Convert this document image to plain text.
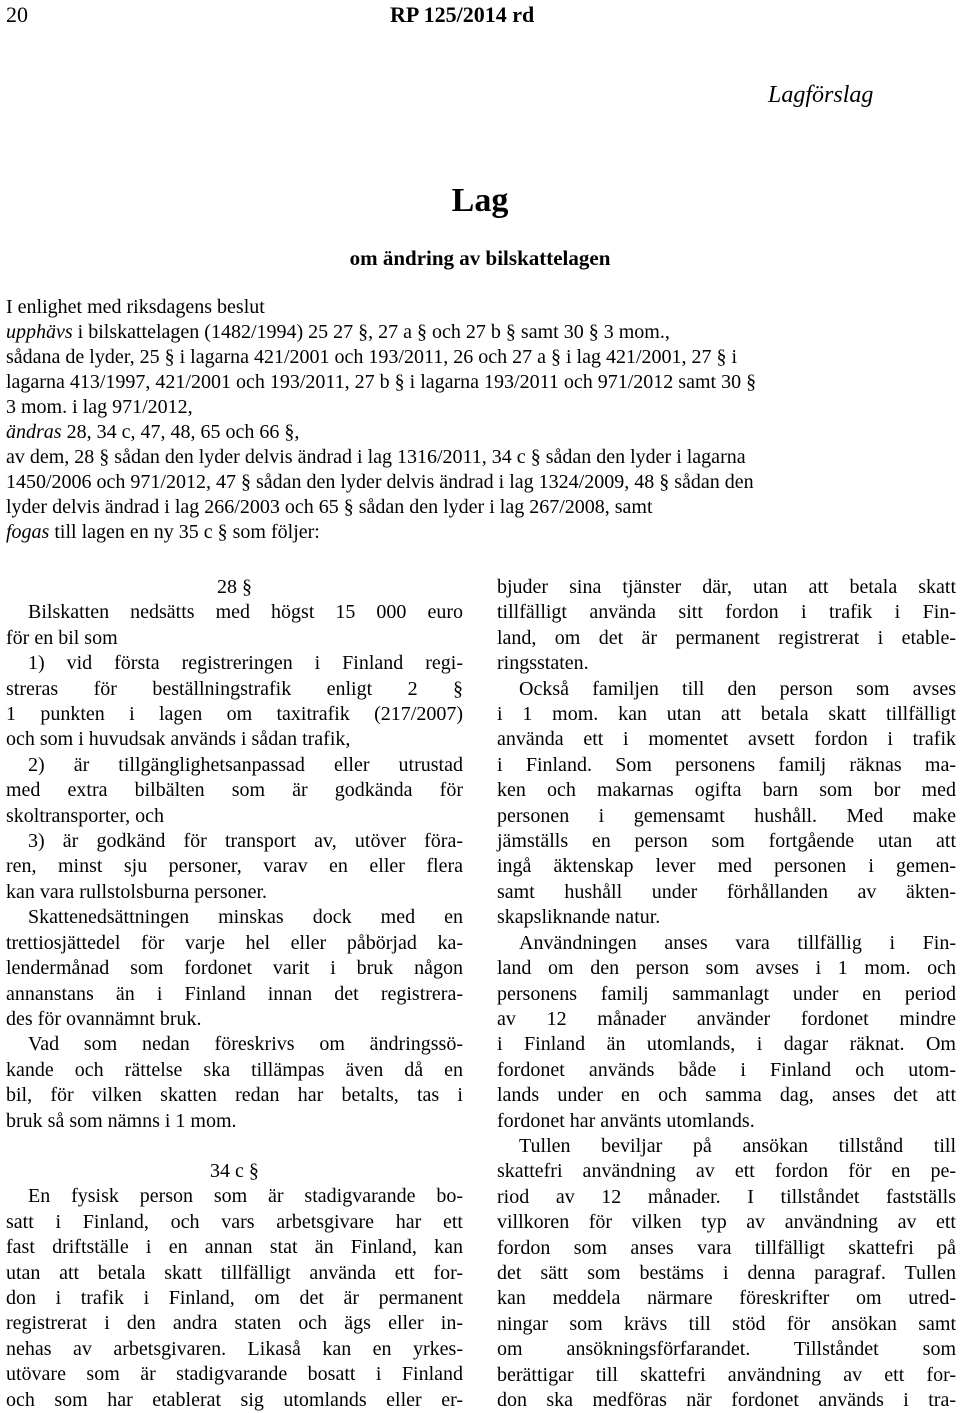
20	RP 125/2014 rd
Lagförslag
Lag
om ändring av bilskattelagen
I enlighet med riksdagens beslut
upphävs i bilskattelagen (1482/1994) 25 27 §, 27 a § och 27 b § samt 30 § 3 mom.,
sådana de lyder, 25 § i lagarna 421/2001 och 193/2011, 26 och 27 a § i lag 421/2001, 27 § i
lagarna 413/1997, 421/2001 och 193/2011, 27 b § i lagarna 193/2011 och 971/2012 samt 30 §
3 mom. i lag 971/2012,
ändras 28, 34 c, 47, 48, 65 och 66 §,
av dem, 28 § sådan den lyder delvis ändrad i lag 1316/2011, 34 c § sådan den lyder i lagarna
1450/2006 och 971/2012, 47 § sådan den lyder delvis ändrad i lag 1324/2009, 48 § sådan den
lyder delvis ändrad i lag 266/2003 och 65 § sådan den lyder i lag 267/2008, samt
fogas till lagen en ny 35 c § som följer:
28 §
Bilskatten nedsätts med högst 15 000 euro
för en bil som
1) vid första registreringen i Finland regi-
streras för beställningstrafik enligt 2 §
1 punkten i lagen om taxitrafik (217/2007)
och som i huvudsak används i sådan trafik,
2) är tillgänglighetsanpassad eller utrustad
med extra bilbälten som är godkända för
skoltransporter, och
3) är godkänd för transport av, utöver föra-
ren, minst sju personer, varav en eller flera
kan vara rullstolsburna personer.
Skattenedsättningen minskas dock med en
trettiosjättedel för varje hel eller påbörjad ka-
lendermånad som fordonet varit i bruk någon
annanstans än i Finland innan det registrera-
des för ovannämnt bruk.
Vad som nedan föreskrivs om ändringssö-
kande och rättelse ska tillämpas även då en
bil, för vilken skatten redan har betalts, tas i
bruk så som nämns i 1 mom.
34 c §
En fysisk person som är stadigvarande bo-
satt i Finland, och vars arbetsgivare har ett
fast driftställe i en annan stat än Finland, kan
utan att betala skatt tillfälligt använda ett for-
don i trafik i Finland, om det är permanent
registrerat i den andra staten och ägs eller in-
nehas av arbetsgivaren. Likaså kan en yrkes-
utövare som är stadigvarande bosatt i Finland
och som har etablerat sig utomlands eller er-
bjuder sina tjänster där, utan att betala skatt
tillfälligt använda sitt fordon i trafik i Fin-
land, om det är permanent registrerat i etable-
ringsstaten.
Också familjen till den person som avses
i 1 mom. kan utan att betala skatt tillfälligt
använda ett i momentet avsett fordon i trafik
i Finland. Som personens familj räknas ma-
ken och makarnas ogifta barn som bor med
personen i gemensamt hushåll. Med make
jämställs en person som fortgående utan att
ingå äktenskap lever med personen i gemen-
samt hushåll under förhållanden av äkten-
skapsliknande natur.
Användningen anses vara tillfällig i Fin-
land om den person som avses i 1 mom. och
personens familj sammanlagt under en period
av 12 månader använder fordonet mindre
i Finland än utomlands, i dagar räknat. Om
fordonet används både i Finland och utom-
lands under en och samma dag, anses det att
fordonet har använts utomlands.
Tullen beviljar på ansökan tillstånd till
skattefri användning av ett fordon för en pe-
riod av 12 månader. I tillståndet fastställs
villkoren för vilken typ av användning av ett
fordon som anses vara tillfälligt skattefri på
det sätt som bestäms i denna paragraf. Tullen
kan meddela närmare föreskrifter om utred-
ningar som krävs till stöd för ansökan samt
om ansökningsförfarandet. Tillståndet som
berättigar till skattefri användning av ett for-
don ska medföras när fordonet används i tra-
